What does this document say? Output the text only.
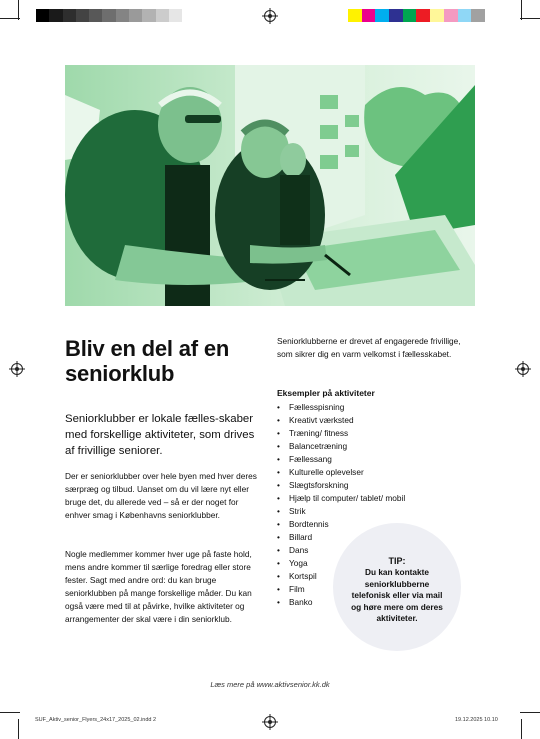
Bliv en del af en seniorklub

Seniorklubber er lokale fælles-skaber med forskellige aktiviteter, som drives af frivillige seniorer.

Der er seniorklubber over hele byen med hver deres særpræg og tilbud. Uanset om du vil lære nyt eller bruge det, du allerede ved – så er der noget for enhver smag i Københavns seniorklubber.

Nogle medlemmer kommer hver uge på faste hold, mens andre kommer til særlige foredrag eller store fester. Sagt med andre ord: du kan bruge seniorklubben på mange forskellige måder. Du kan også være med til at påvirke, hvilke aktiviteter og arrangementer der skal være i din seniorklub.

Seniorklubberne er drevet af engagerede frivillige, som sikrer dig en varm velkomst i fællesskabet.

Eksempler på aktiviteter

• Fællesspisning
• Kreativt værksted
• Træning/ fitness
• Balancetræning
• Fællessang
• Kulturelle oplevelser
• Slægtsforskning
• Hjælp til computer/ tablet/ mobil
• Strik
• Bordtennis
• Billard
• Dans
• Yoga
• Kortspil
• Film
• Banko
TIP:
Du kan kontakte seniorklubberne telefonisk eller via mail og høre mere om deres aktiviteter.
Læs mere på www.aktivsenior.kk.dk
SUF_Aktiv_senior_Flyers_24x17_2025_02.indd 2	19.12.2025 10.10
